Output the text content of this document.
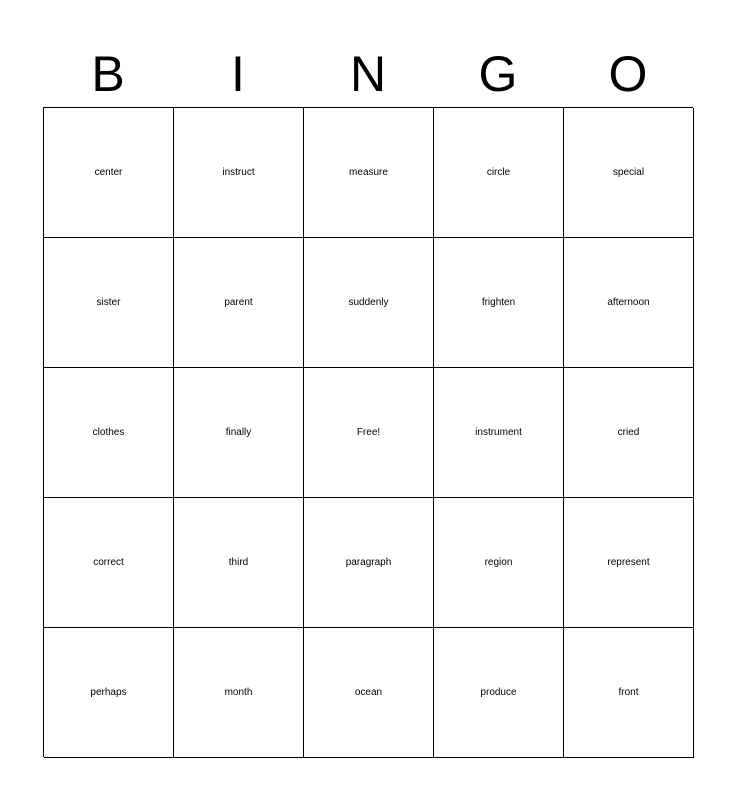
B	I	N	G	O
center	instruct	measure	circle	special
sister	parent	suddenly	frighten	afternoon
clothes	finally	Free!	instrument	cried
correct	third	paragraph	region	represent
perhaps	month	ocean	produce	front
